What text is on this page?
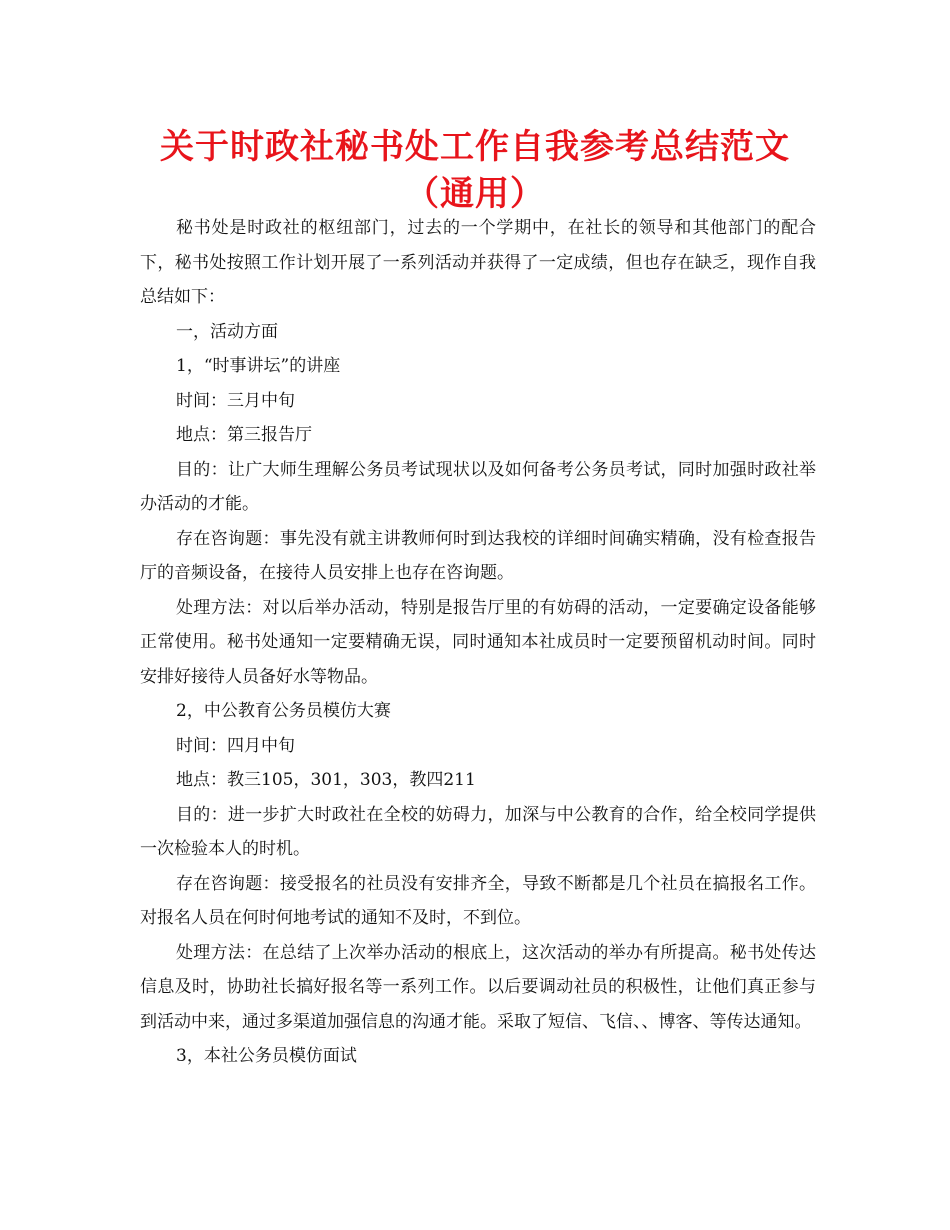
关于时政社秘书处工作自我参考总结范文（通用）

秘书处是时政社的枢纽部门，过去的一个学期中，在社长的领导和其他部门的配合下，秘书处按照工作计划开展了一系列活动并获得了一定成绩，但也存在缺乏，现作自我总结如下：

一，活动方面

1，“时事讲坛”的讲座

时间：三月中旬

地点：第三报告厅

目的：让广大师生理解公务员考试现状以及如何备考公务员考试，同时加强时政社举办活动的才能。

存在咨询题：事先没有就主讲教师何时到达我校的详细时间确实精确，没有检查报告厅的音频设备，在接待人员安排上也存在咨询题。

处理方法：对以后举办活动，特别是报告厅里的有妨碍的活动，一定要确定设备能够正常使用。秘书处通知一定要精确无误，同时通知本社成员时一定要预留机动时间。同时安排好接待人员备好水等物品。

2，中公教育公务员模仿大赛

时间：四月中旬

地点：教三105，301，303，教四211

目的：进一步扩大时政社在全校的妨碍力，加深与中公教育的合作，给全校同学提供一次检验本人的时机。

存在咨询题：接受报名的社员没有安排齐全，导致不断都是几个社员在搞报名工作。对报名人员在何时何地考试的通知不及时，不到位。

处理方法：在总结了上次举办活动的根底上，这次活动的举办有所提高。秘书处传达信息及时，协助社长搞好报名等一系列工作。以后要调动社员的积极性，让他们真正参与到活动中来，通过多渠道加强信息的沟通才能。采取了短信、飞信、、博客、等传达通知。

3，本社公务员模仿面试
